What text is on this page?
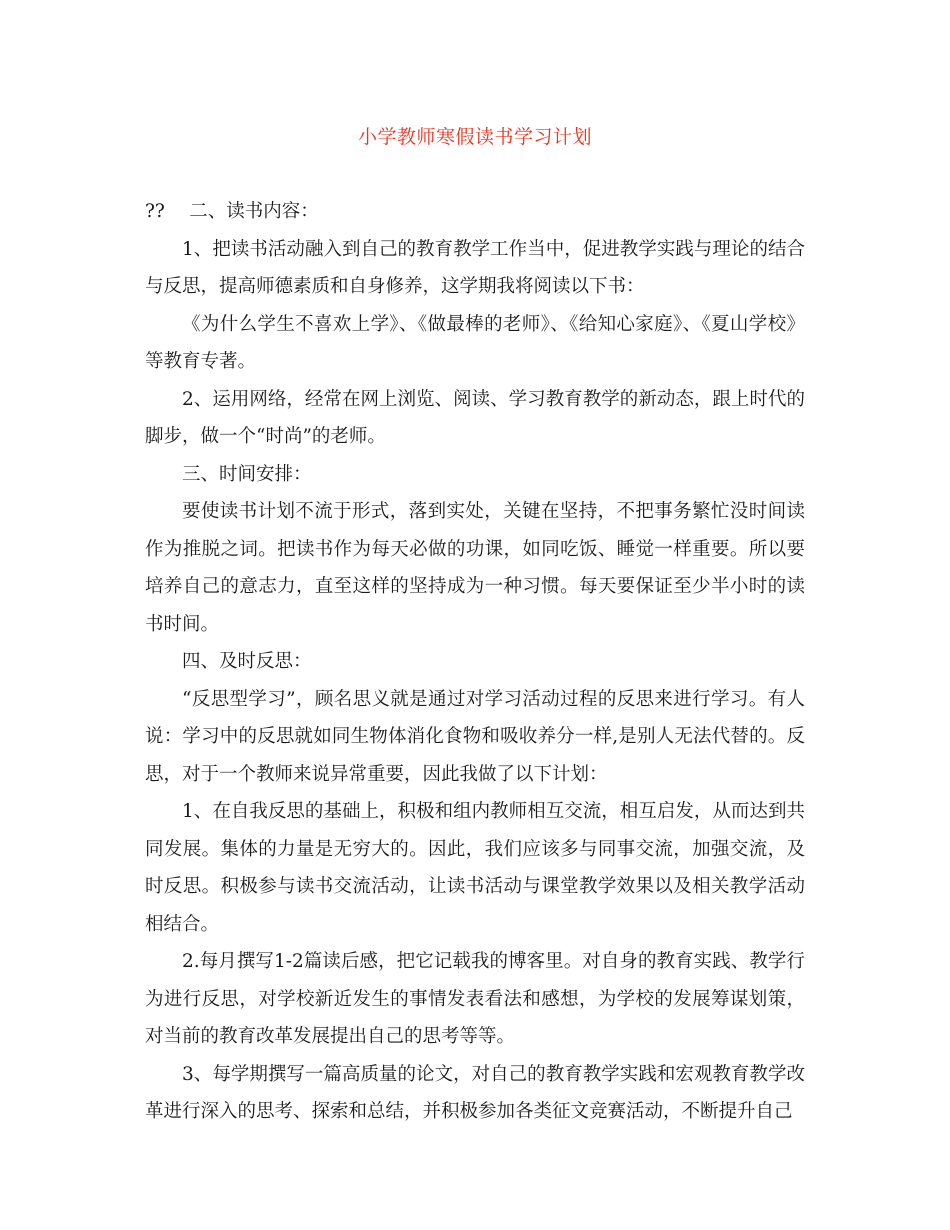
小学教师寒假读书学习计划

??　 二、读书内容：

1、把读书活动融入到自己的教育教学工作当中，促进教学实践与理论的结合与反思，提高师德素质和自身修养，这学期我将阅读以下书：

《为什么学生不喜欢上学》、《做最棒的老师》、《给知心家庭》、《夏山学校》等教育专著。

2、运用网络，经常在网上浏览、阅读、学习教育教学的新动态，跟上时代的脚步，做一个“时尚”的老师。

三、时间安排：

要使读书计划不流于形式，落到实处，关键在坚持，不把事务繁忙没时间读作为推脱之词。把读书作为每天必做的功课，如同吃饭、睡觉一样重要。所以要培养自己的意志力，直至这样的坚持成为一种习惯。每天要保证至少半小时的读书时间。

四、及时反思：

“反思型学习”，顾名思义就是通过对学习活动过程的反思来进行学习。有人说：学习中的反思就如同生物体消化食物和吸收养分一样,是别人无法代替的。反思，对于一个教师来说异常重要，因此我做了以下计划：

1、在自我反思的基础上，积极和组内教师相互交流，相互启发，从而达到共同发展。集体的力量是无穷大的。因此，我们应该多与同事交流，加强交流，及时反思。积极参与读书交流活动，让读书活动与课堂教学效果以及相关教学活动相结合。

2.每月撰写1-2篇读后感，把它记载我的博客里。对自身的教育实践、教学行为进行反思，对学校新近发生的事情发表看法和感想，为学校的发展筹谋划策，对当前的教育改革发展提出自己的思考等等。

3、每学期撰写一篇高质量的论文，对自己的教育教学实践和宏观教育教学改革进行深入的思考、探索和总结，并积极参加各类征文竞赛活动，不断提升自己
